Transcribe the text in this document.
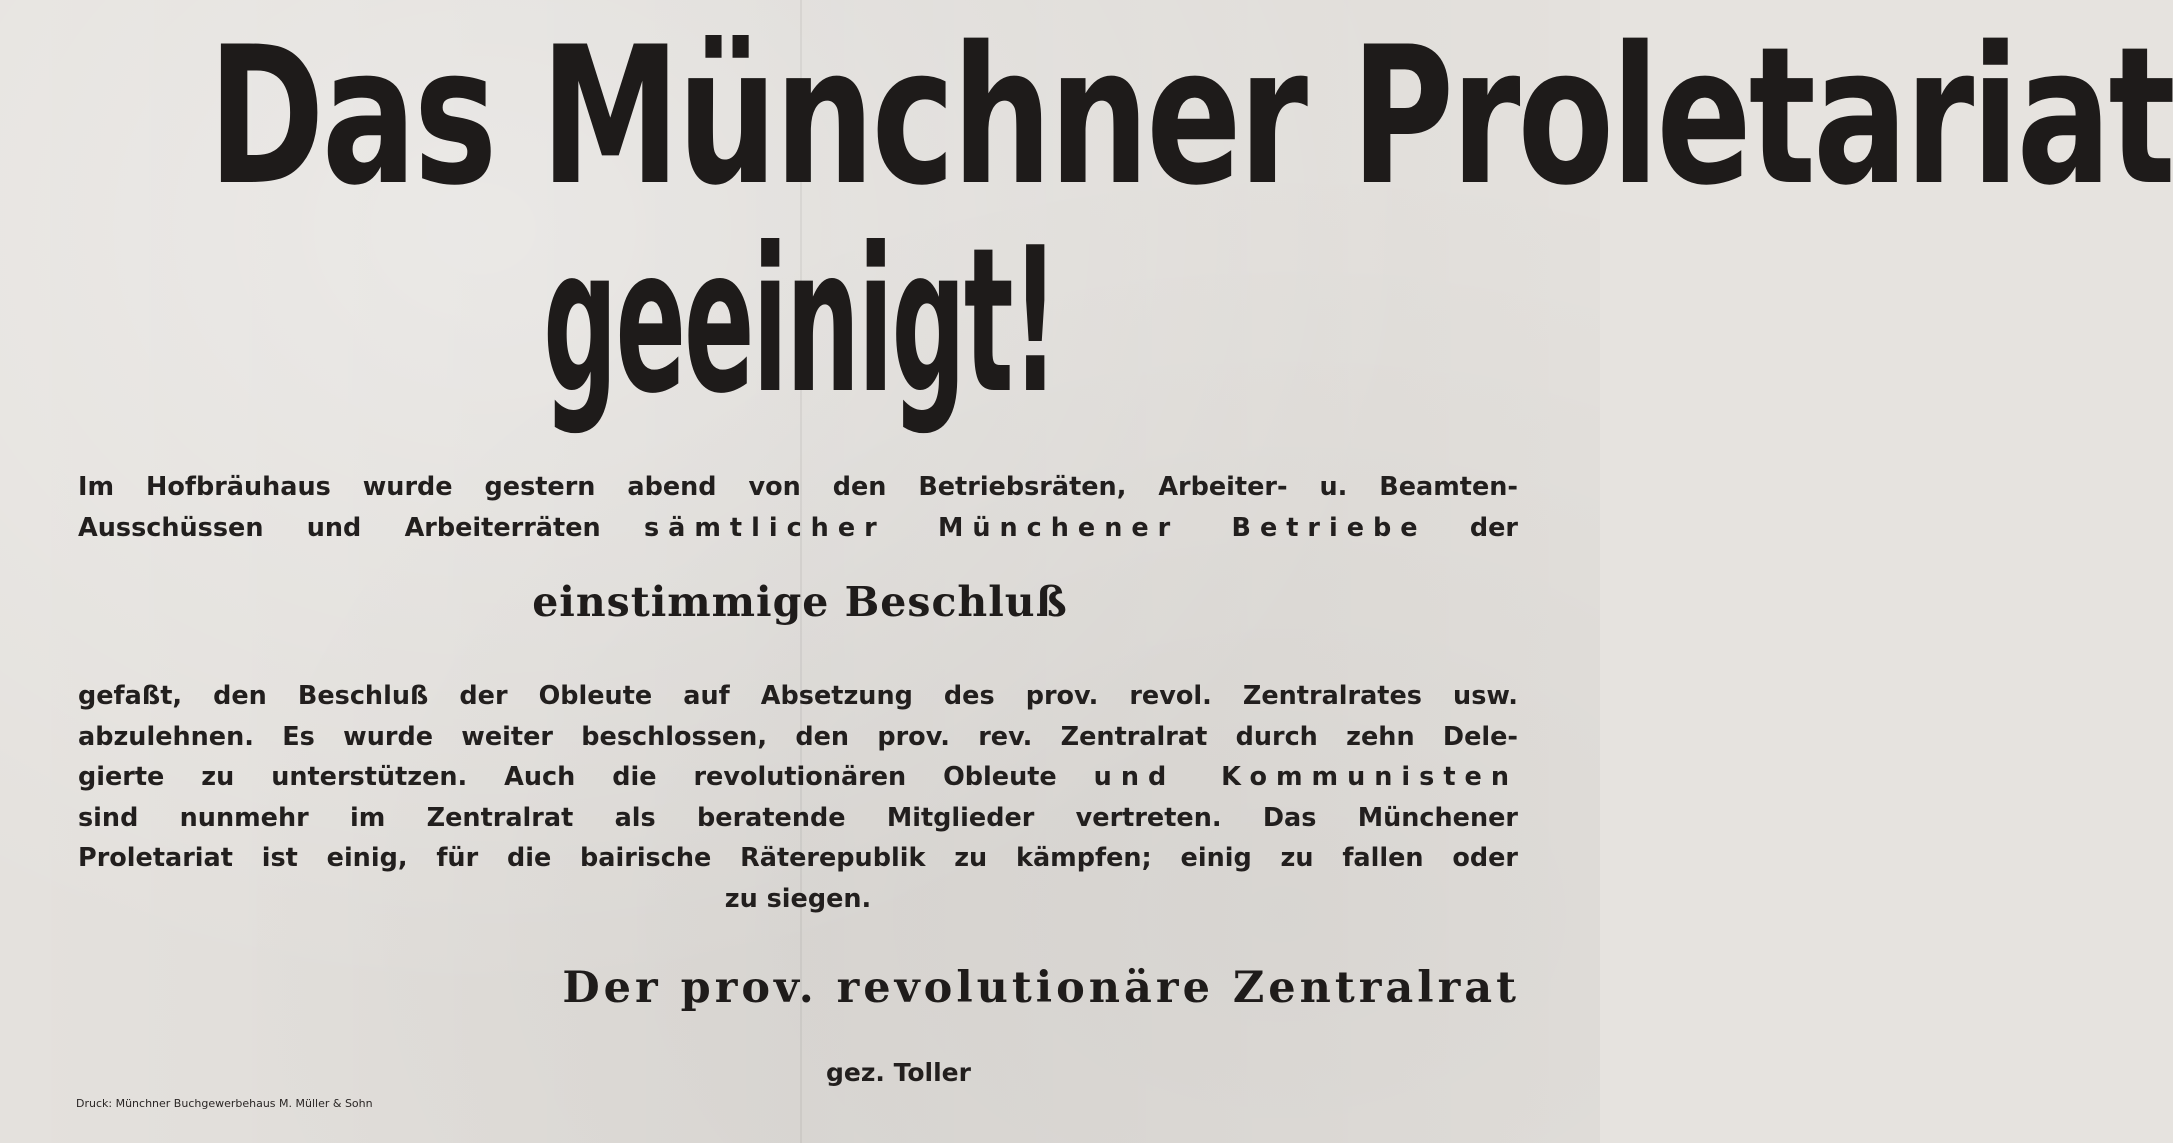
Das Münchner Proletariat
geeinigt!
Im Hofbräuhaus wurde gestern abend von den Betriebsräten, Arbeiter- u. Beamten-
Ausschüssen und Arbeiterräten sämtlicher Münchener Betriebe der
einstimmige Beschluß
gefaßt, den Beschluß der Obleute auf Absetzung des prov. revol. Zentralrates usw.
abzulehnen. Es wurde weiter beschlossen, den prov. rev. Zentralrat durch zehn Dele-
gierte zu unterstützen. Auch die revolutionären Obleute und Kommunisten
sind nunmehr im Zentralrat als beratende Mitglieder vertreten. Das Münchener
Proletariat ist einig, für die bairische Räterepublik zu kämpfen; einig zu fallen oder
zu siegen.
Der prov. revolutionäre Zentralrat
gez. Toller
Druck: Münchner Buchgewerbehaus M. Müller & Sohn
